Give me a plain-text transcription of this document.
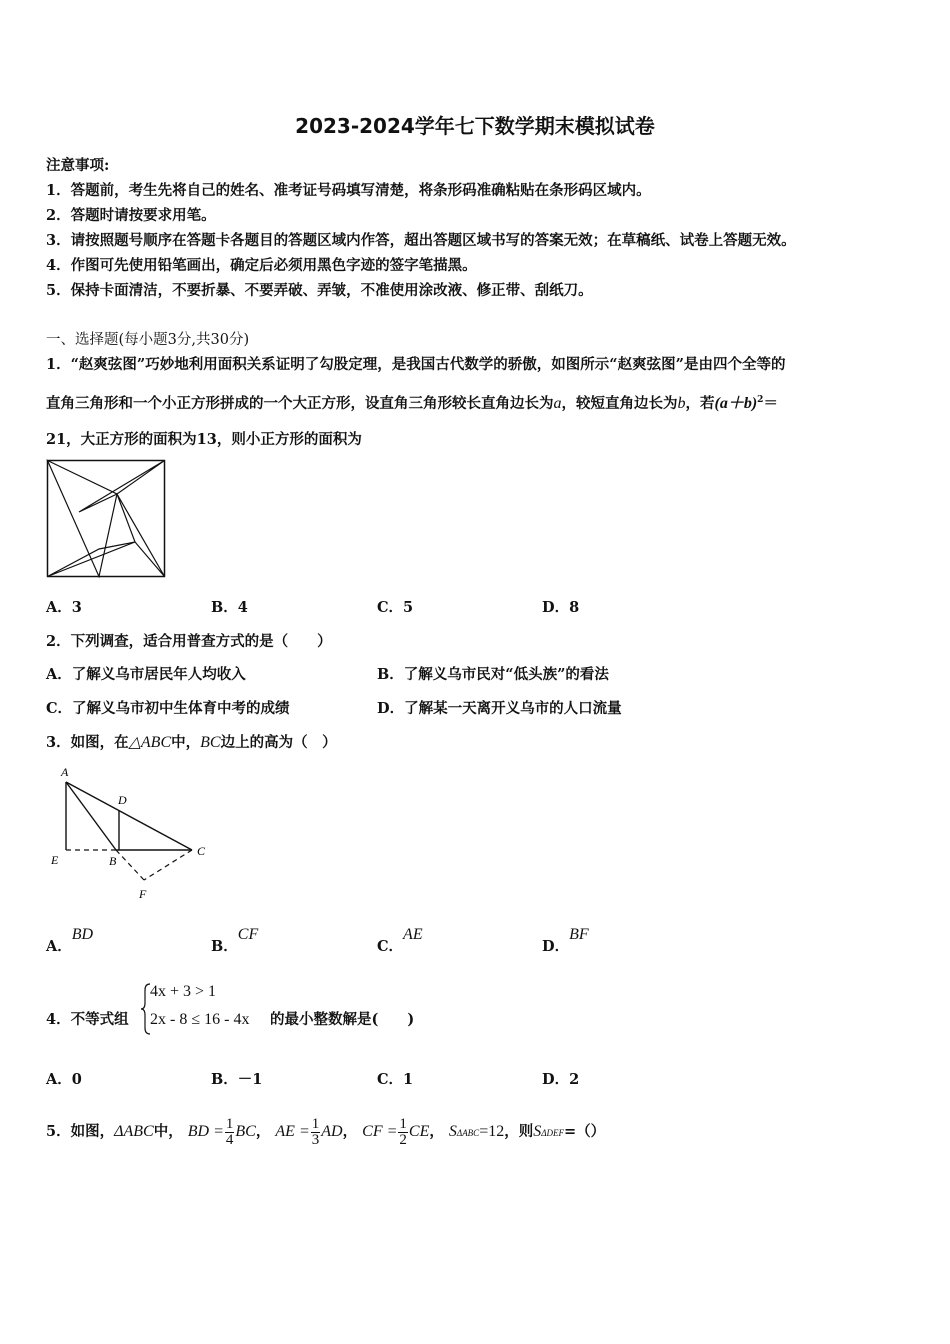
2023-2024学年七下数学期末模拟试卷
注意事项:
1．答题前，考生先将自己的姓名、准考证号码填写清楚，将条形码准确粘贴在条形码区域内。
2．答题时请按要求用笔。
3．请按照题号顺序在答题卡各题目的答题区域内作答，超出答题区域书写的答案无效；在草稿纸、试卷上答题无效。
4．作图可先使用铅笔画出，确定后必须用黑色字迹的签字笔描黑。
5．保持卡面清洁，不要折暴、不要弄破、弄皱，不准使用涂改液、修正带、刮纸刀。
一、选择题(每小题3分,共30分)
1．“赵爽弦图”巧妙地利用面积关系证明了勾股定理，是我国古代数学的骄傲，如图所示“赵爽弦图”是由四个全等的
直角三角形和一个小正方形拼成的一个大正方形，设直角三角形较长直角边长为a，较短直角边长为b，若$(a+b)^2=$
21，大正方形的面积为13，则小正方形的面积为
A．3	B．4	C．5	D．8
2．下列调查，适合用普查方式的是（　　）
A．了解义乌市居民年人均收入	B．了解义乌市民对“低头族”的看法
C．了解义乌市初中生体育中考的成绩	D．了解某一天离开义乌市的人口流量
3．如图，在△ABC中，BC边上的高为（　）
A
D
E	B
C
F
A．BD
B．CF
C．AE
D．BF
4．不等式组
4x + 3 > 1
2x - 8 ≤ 16 - 4x 的最小整数解是(　　)
A．0	B．－1	C．1	D．2
5．如图，ΔABC中， BD = $\frac{1}{4}$ BC， AE = $\frac{1}{3}$ AD， CF = $\frac{1}{2}$ CE， SΔABC=12，则SΔDEF=（）
